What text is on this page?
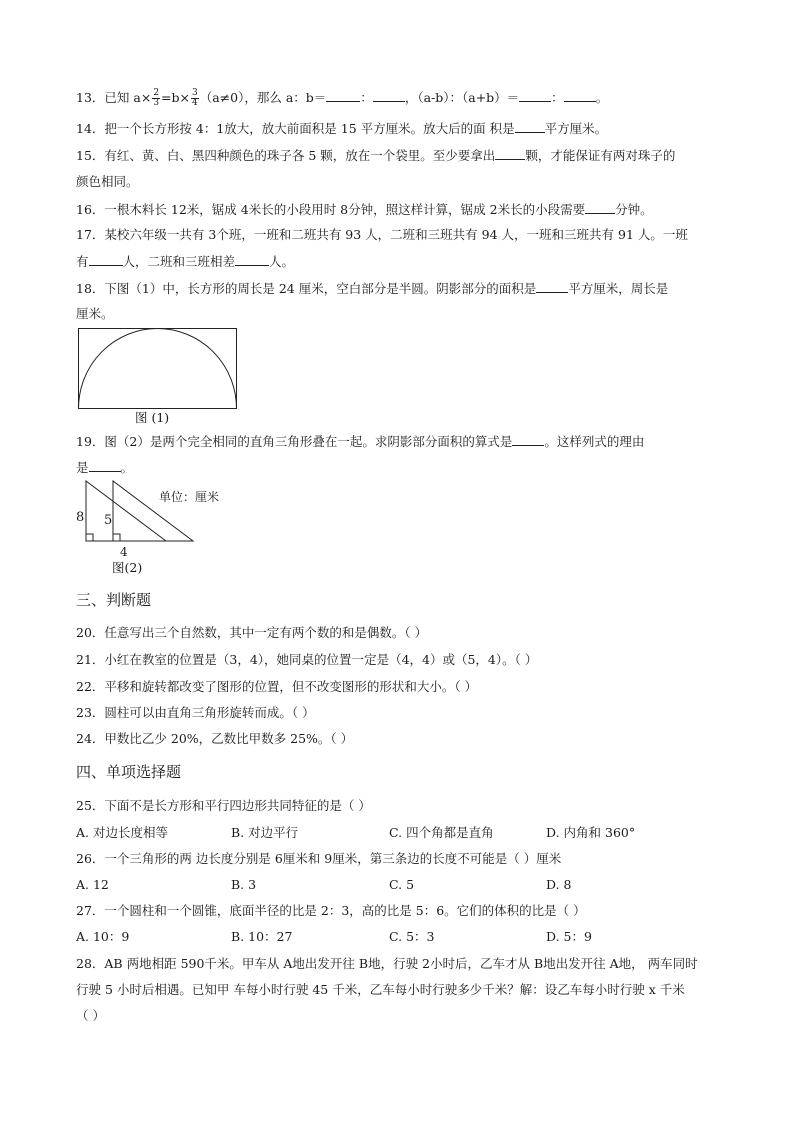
13．已知 $a\times \frac{2}{3} =b\times \frac{3}{4} (a\ne 0)$，那么 a：b＝	：	，（a-b）：（a+b）＝	：	。
14．把一个长方形按 4：1放大，放大前面积是 15 平方厘米。放大后的面 积是 平方厘米。
15．有红、黄、白、黑四种颜色的珠子各 5 颗，放在一个袋里。至少要拿出 颗，才能保证有两对珠子的
颜色相同。
16．一根木料长 12米，锯成 4米长的小段用时 8分钟，照这样计算，锯成 2米长的小段需要 分钟。
17．某校六年级一共有 3个班，一班和二班共有 93 人，二班和三班共有 94 人，一班和三班共有 91 人。一班
有	人，二班和三班相差	人。
18．下图（1）中，长方形的周长是 24 厘米，空白部分是半圆。阴影部分的面积是	平方厘米，周长是
厘米。
图 (1)
19．图（2）是两个完全相同的直角三角形叠在一起。求阴影部分面积的算式是	。这样列式的理由
是	。
8 5
4
单位：厘米
图(2)
三、判断题
20．任意写出三个自然数，其中一定有两个数的和是偶数。（ ）
21．小红在教室的位置是（3，4），她同桌的位置一定是（4，4）或（5，4）。（ ）
22．平移和旋转都改变了图形的位置，但不改变图形的形状和大小。（ ）
23．圆柱可以由直角三角形旋转而成。（ ）
24．甲数比乙少 20%，乙数比甲数多 25%。（ ）
四、单项选择题
25．下面不是长方形和平行四边形共同特征的是（ ）
A. 对边长度相等	B. 对边平行	C. 四个角都是直角	D. 内角和 360°
26．一个三角形的两 边长度分别是 6厘米和 9厘米，第三条边的长度不可能是（ ）厘米
A. 12	B. 3	C. 5	D. 8
27．一个圆柱和一个圆锥，底面半径的比是 2：3，高的比是 5：6。它们的体积的比是（ ）
A. 10：9	B. 10：27	C. 5：3	D. 5：9
28．AB 两地相距 590千米。甲车从 A地出发开往 B地，行驶 2小时后，乙车才从 B地出发开往 A地， 两车同时
行驶 5 小时后相遇。已知甲 车每小时行驶 45 千米，乙车每小时行驶多少千米？解：设乙车每小时行驶 x 千米
（ ）
